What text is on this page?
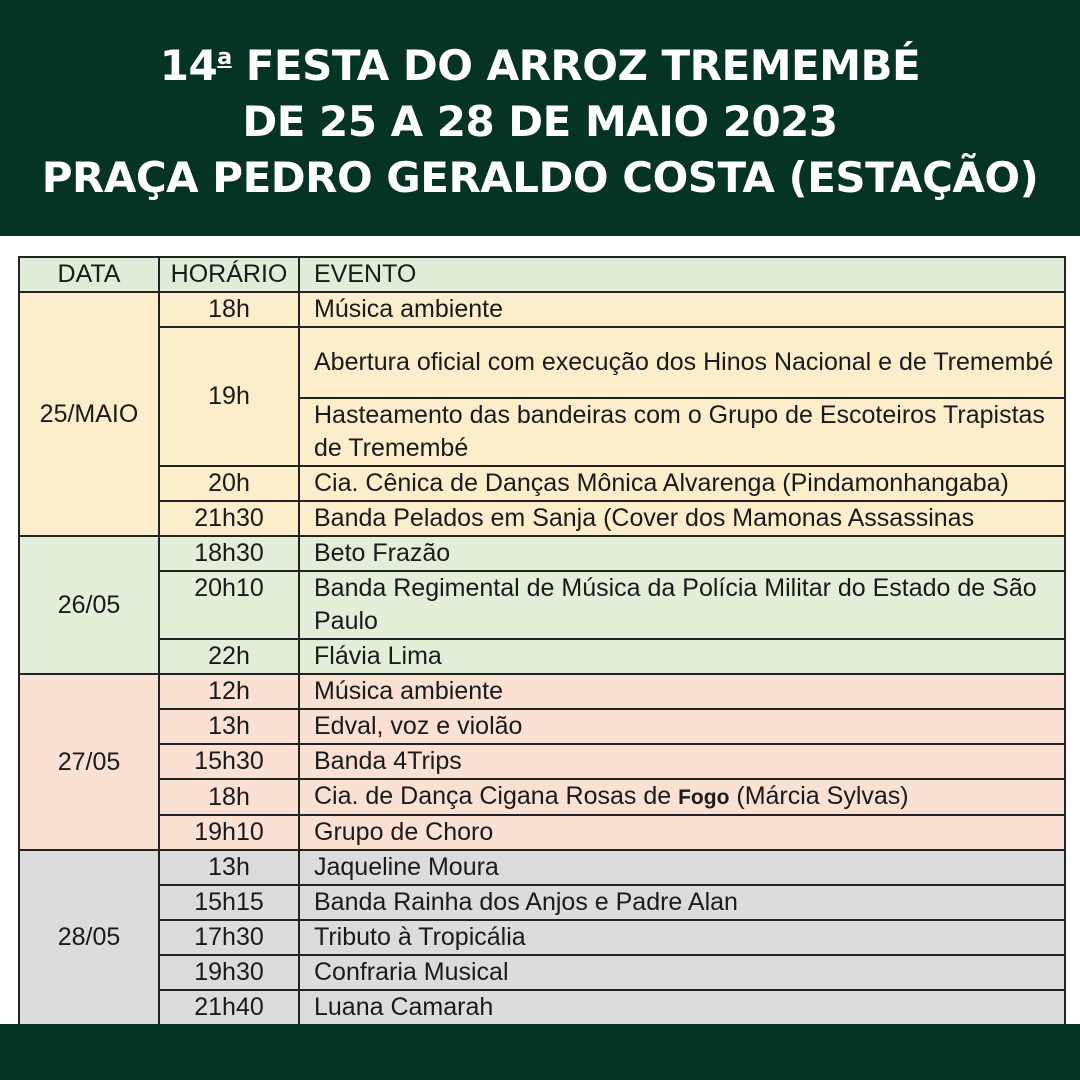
14$^a$ FESTA DO ARROZ TREMEMBÉ
DE 25 A 28 DE MAIO 2023
PRAÇA PEDRO GERALDO COSTA (ESTAÇÃO)
DATA	HORÁRIO	EVENTO
25/MAIO	18h	Música ambiente
	19h	Abertura oficial com execução dos Hinos Nacional e de Tremembé
		Hasteamento das bandeiras com o Grupo de Escoteiros Trapistas de Tremembé
	20h	Cia. Cênica de Danças Mônica Alvarenga (Pindamonhangaba)
	21h30	Banda Pelados em Sanja (Cover dos Mamonas Assassinas
26/05	18h30	Beto Frazão
	20h10	Banda Regimental de Música da Polícia Militar do Estado de São Paulo
	22h	Flávia Lima
27/05	12h	Música ambiente
	13h	Edval, voz e violão
	15h30	Banda 4Trips
	18h	Cia. de Dança Cigana Rosas de Fogo (Márcia Sylvas)
	19h10	Grupo de Choro
28/05	13h	Jaqueline Moura
	15h15	Banda Rainha dos Anjos e Padre Alan
	17h30	Tributo à Tropicália
	19h30	Confraria Musical
	21h40	Luana Camarah
